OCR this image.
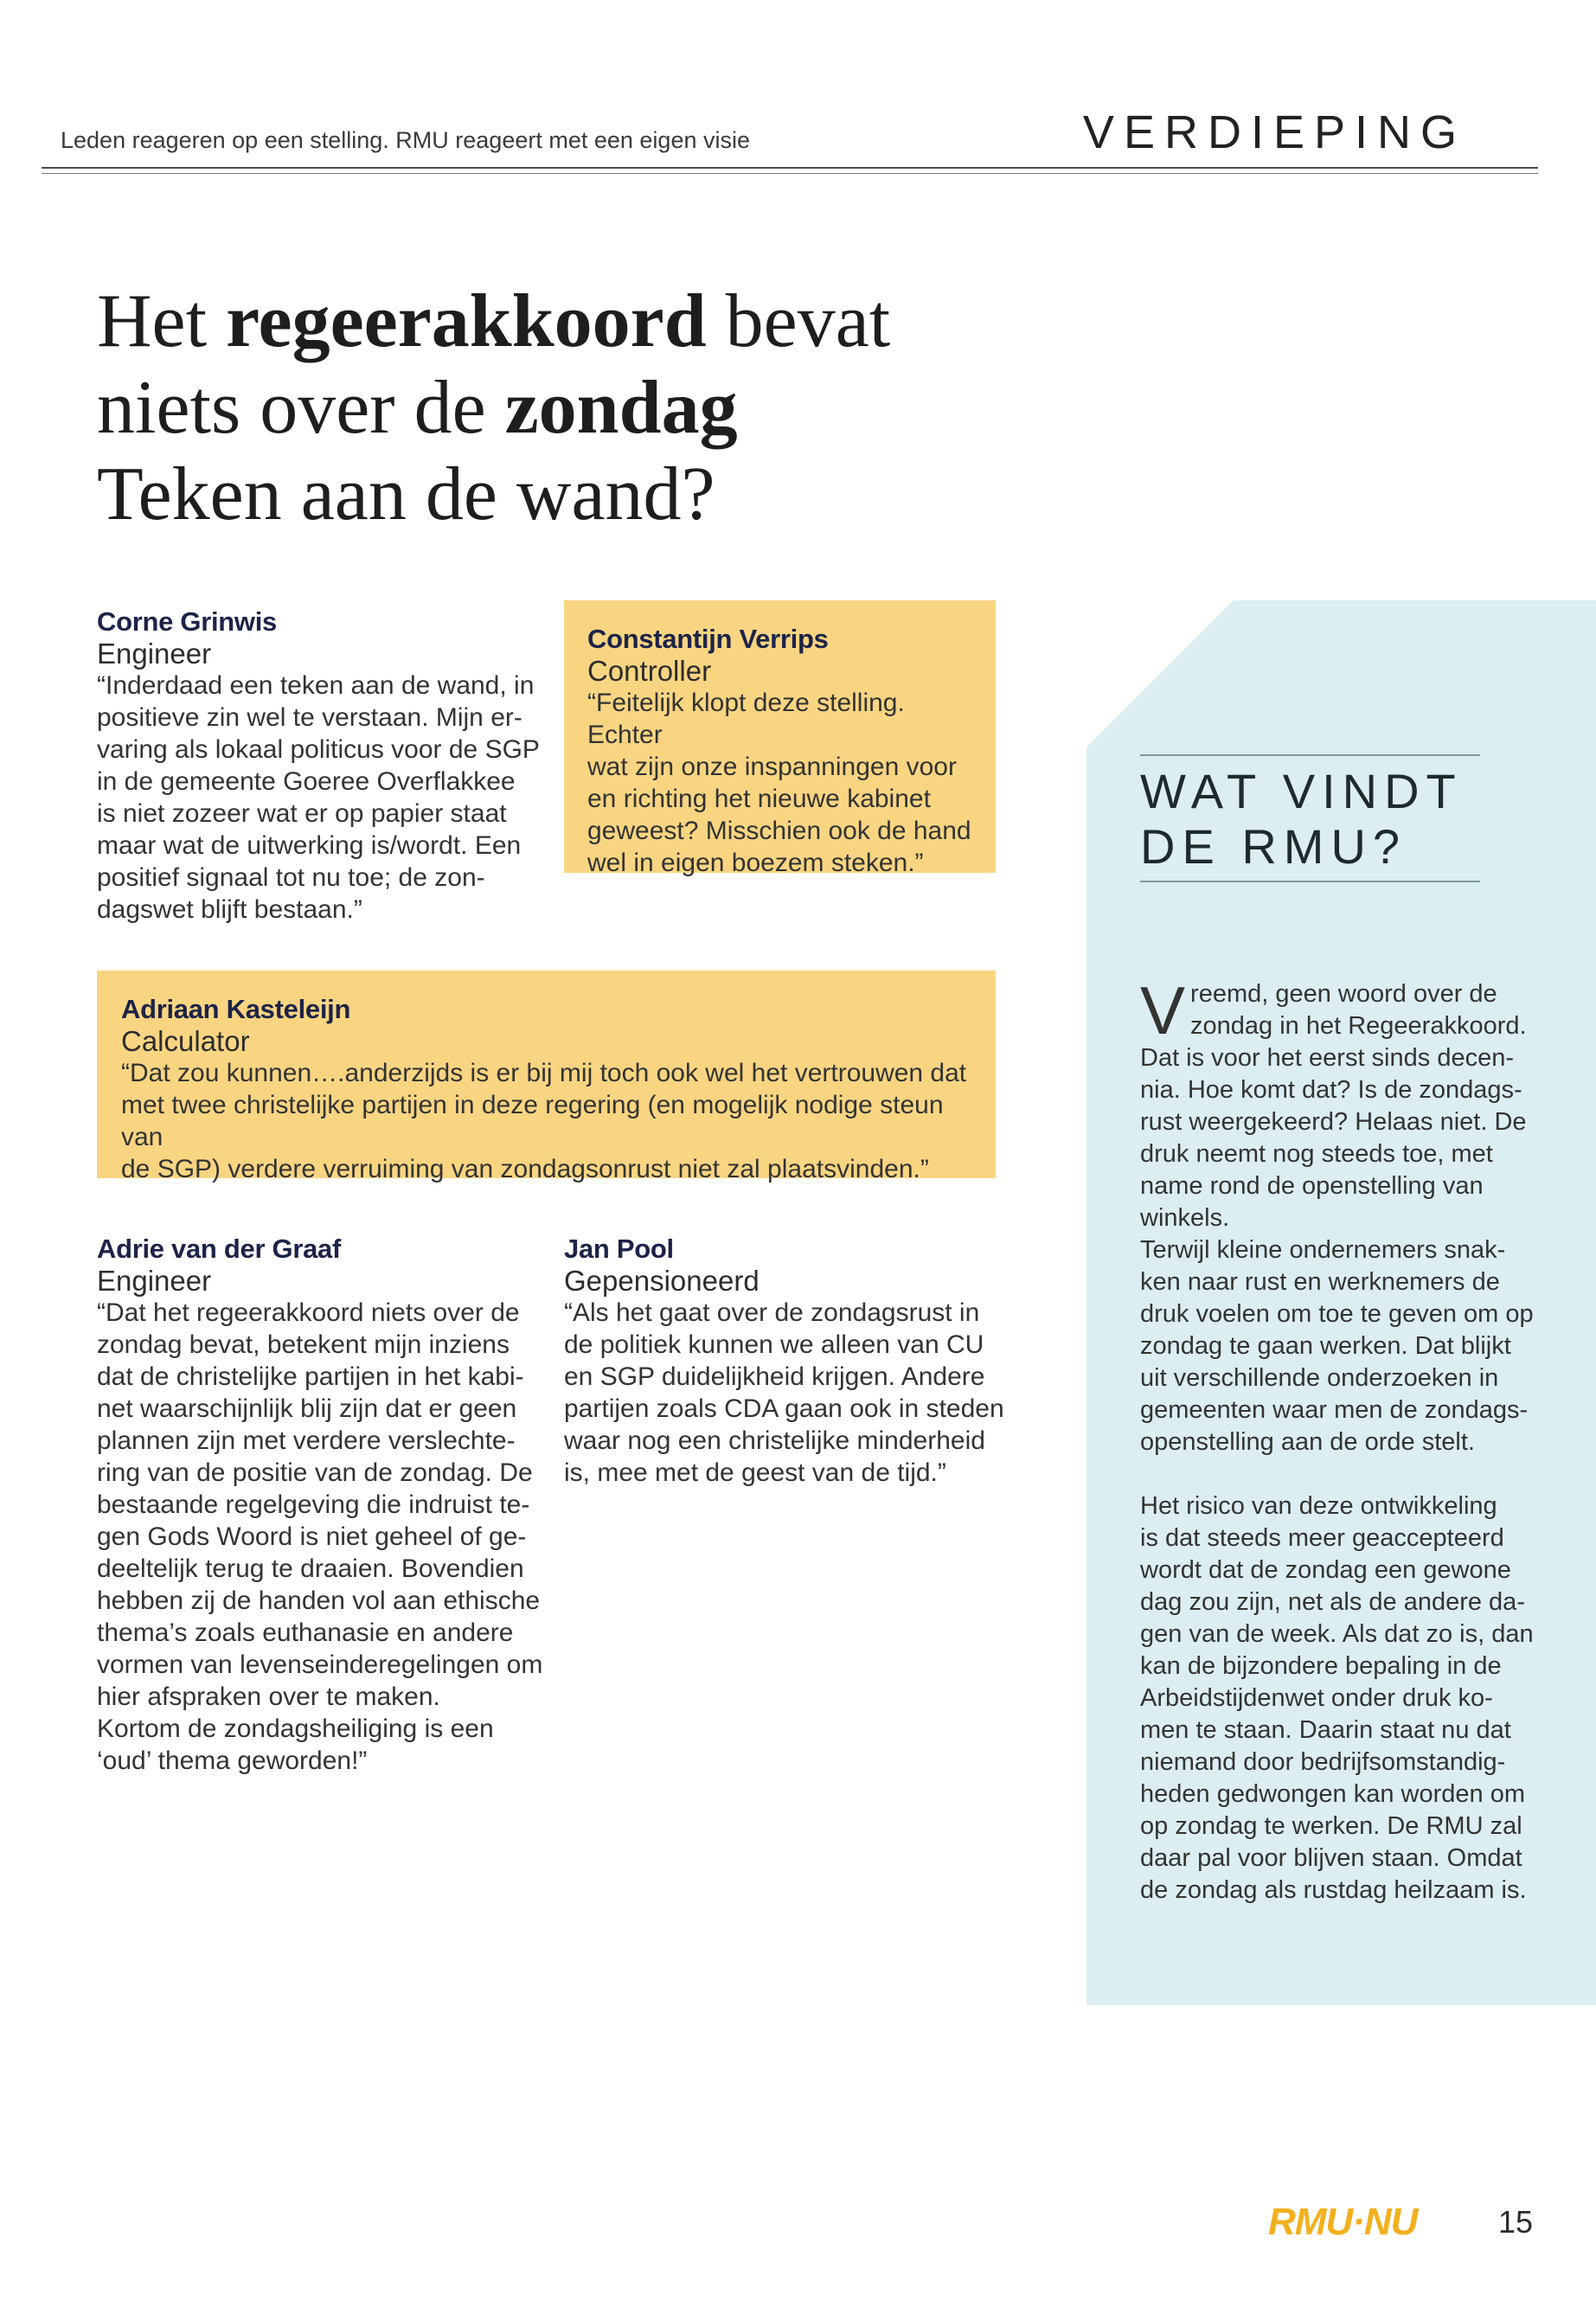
Leden reageren op een stelling. RMU reageert met een eigen visie	VERDIEPING
Het regeerakkoord bevat
niets over de zondag
Teken aan de wand?
Corne Grinwis
Engineer
“Inderdaad een teken aan de wand, in
positieve zin wel te verstaan. Mijn er-
varing als lokaal politicus voor de SGP
in de gemeente Goeree Overflakkee
is niet zozeer wat er op papier staat
maar wat de uitwerking is/wordt. Een
positief signaal tot nu toe; de zon-
dagswet blijft bestaan.”
Constantijn Verrips
Controller
“Feitelijk klopt deze stelling. Echter
wat zijn onze inspanningen voor
en richting het nieuwe kabinet
geweest? Misschien ook de hand
wel in eigen boezem steken.”
Adriaan Kasteleijn
Calculator
“Dat zou kunnen….anderzijds is er bij mij toch ook wel het vertrouwen dat
met twee christelijke partijen in deze regering (en mogelijk nodige steun van
de SGP) verdere verruiming van zondagsonrust niet zal plaatsvinden.”
Adrie van der Graaf
Engineer
“Dat het regeerakkoord niets over de
zondag bevat, betekent mijn inziens
dat de christelijke partijen in het kabi-
net waarschijnlijk blij zijn dat er geen
plannen zijn met verdere verslechte-
ring van de positie van de zondag. De
bestaande regelgeving die indruist te-
gen Gods Woord is niet geheel of ge-
deeltelijk terug te draaien. Bovendien
hebben zij de handen vol aan ethische
thema’s zoals euthanasie en andere
vormen van levenseinderegelingen om
hier afspraken over te maken.
Kortom de zondagsheiliging is een
‘oud’ thema geworden!”
Jan Pool
Gepensioneerd
“Als het gaat over de zondagsrust in
de politiek kunnen we alleen van CU
en SGP duidelijkheid krijgen. Andere
partijen zoals CDA gaan ook in steden
waar nog een christelijke minderheid
is, mee met de geest van de tijd.”
WAT VINDT
DE RMU?

Vreemd, geen woord over de
zondag in het Regeerakkoord.

Dat is voor het eerst sinds decen-
nia. Hoe komt dat? Is de zondags-
rust weergekeerd? Helaas niet. De
druk neemt nog steeds toe, met
name rond de openstelling van
winkels.

Terwijl kleine ondernemers snak-
ken naar rust en werknemers de
druk voelen om toe te geven om op
zondag te gaan werken. Dat blijkt
uit verschillende onderzoeken in
gemeenten waar men de zondags-
openstelling aan de orde stelt.
Het risico van deze ontwikkeling
is dat steeds meer geaccepteerd
wordt dat de zondag een gewone
dag zou zijn, net als de andere da-
gen van de week. Als dat zo is, dan
kan de bijzondere bepaling in de
Arbeidstijdenwet onder druk ko-
men te staan. Daarin staat nu dat
niemand door bedrijfsomstandig-
heden gedwongen kan worden om
op zondag te werken. De RMU zal
daar pal voor blijven staan. Omdat
de zondag als rustdag heilzaam is.
RMU·NU	15
